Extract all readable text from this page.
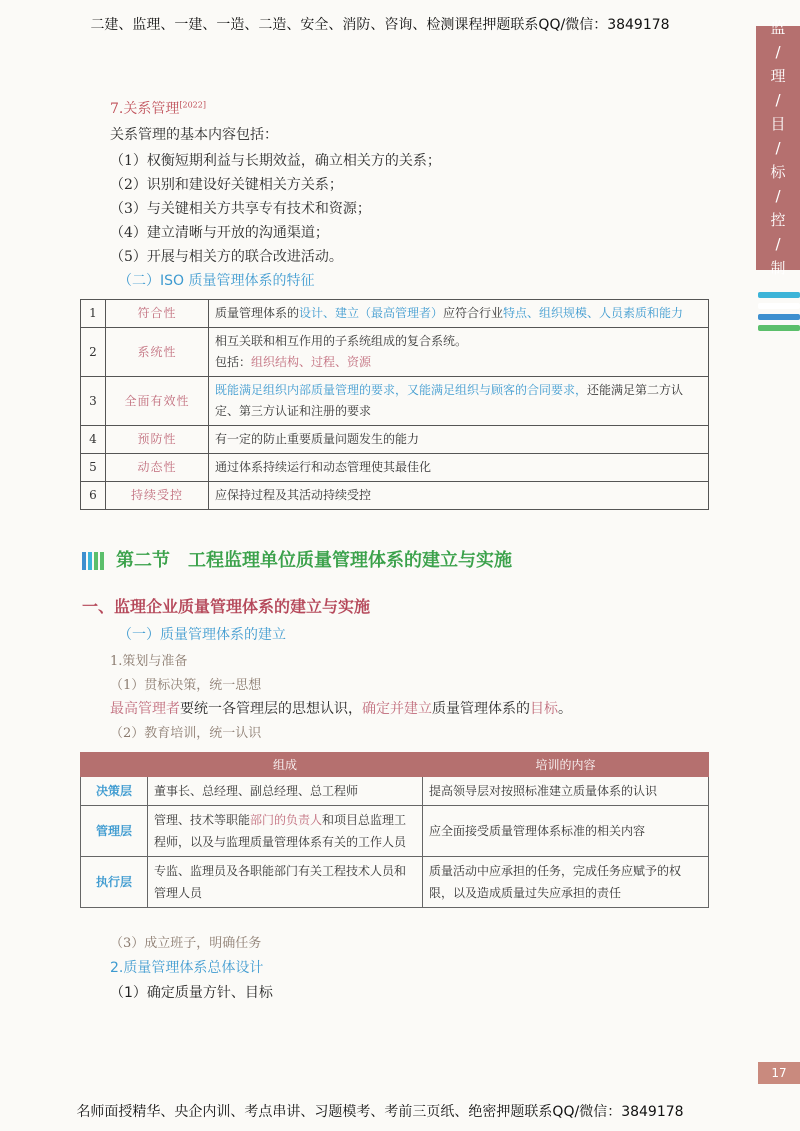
二建、监理、一建、一造、二造、安全、消防、咨询、检测课程押题联系QQ/微信：3849178
名师面授精华、央企内训、考点串讲、习题模考、考前三页纸、绝密押题联系QQ/微信：3849178
监
/
理
/
目
/
标
/
控
/
制
17
7.关系管理[2022]
关系管理的基本内容包括：
（1）权衡短期利益与长期效益，确立相关方的关系；
（2）识别和建设好关键相关方关系；
（3）与关键相关方共享专有技术和资源；
（4）建立清晰与开放的沟通渠道；
（5）开展与相关方的联合改进活动。
（二）ISO 质量管理体系的特征
1	符合性	质量管理体系的设计、建立（最高管理者）应符合行业特点、组织规模、人员素质和能力
2	系统性	相互关联和相互作用的子系统组成的复合系统。
包括：组织结构、过程、资源

3	全面有效性	既能满足组织内部质量管理的要求，又能满足组织与顾客的合同要求，还能满足第二方认定、第三方认证和注册的要求
4	预防性	有一定的防止重要质量问题发生的能力
5	动态性	通过体系持续运行和动态管理使其最佳化
6	持续受控	应保持过程及其活动持续受控
第二节　工程监理单位质量管理体系的建立与实施
一、监理企业质量管理体系的建立与实施
（一）质量管理体系的建立
1.策划与准备
（1）贯标决策，统一思想
最高管理者要统一各管理层的思想认识，确定并建立质量管理体系的目标。
（2）教育培训，统一认识
	组成	培训的内容
决策层	董事长、总经理、副总经理、总工程师	提高领导层对按照标准建立质量体系的认识
管理层	管理、技术等职能部门的负责人和项目总监理工程师，以及与监理质量管理体系有关的工作人员	应全面接受质量管理体系标准的相关内容
执行层	专监、监理员及各职能部门有关工程技术人员和管理人员	质量活动中应承担的任务，完成任务应赋予的权限，以及造成质量过失应承担的责任
（3）成立班子，明确任务
2.质量管理体系总体设计
（1）确定质量方针、目标
